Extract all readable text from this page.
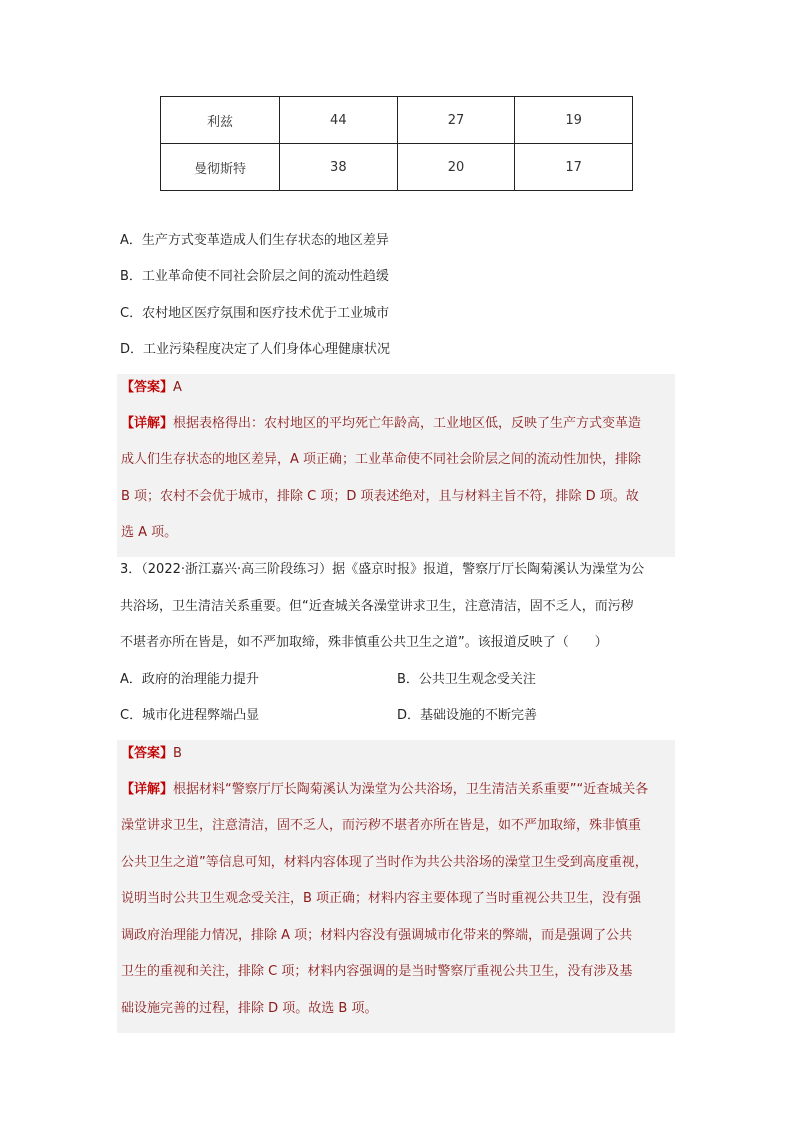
利兹	44	27	19
曼彻斯特	38	20	17
A．生产方式变革造成人们生存状态的地区差异
B．工业革命使不同社会阶层之间的流动性趋缓
C．农村地区医疗氛围和医疗技术优于工业城市
D．工业污染程度决定了人们身体心理健康状况
【答案】A
【详解】根据表格得出：农村地区的平均死亡年龄高，工业地区低，反映了生产方式变革造
成人们生存状态的地区差异，A 项正确；工业革命使不同社会阶层之间的流动性加快，排除
B 项；农村不会优于城市，排除 C 项；D 项表述绝对，且与材料主旨不符，排除 D 项。故
选 A 项。
3．（2022·浙江嘉兴·高三阶段练习）据《盛京时报》报道，警察厅厅长陶菊溪认为澡堂为公
共浴场，卫生清洁关系重要。但“近查城关各澡堂讲求卫生，注意清洁，固不乏人，而污秽
不堪者亦所在皆是，如不严加取缔，殊非慎重公共卫生之道”。该报道反映了（　　）
A．政府的治理能力提升	B．公共卫生观念受关注
C．城市化进程弊端凸显	D．基础设施的不断完善
【答案】B
【详解】根据材料“警察厅厅长陶菊溪认为澡堂为公共浴场，卫生清洁关系重要”“近查城关各
澡堂讲求卫生，注意清洁，固不乏人，而污秽不堪者亦所在皆是，如不严加取缔，殊非慎重
公共卫生之道”等信息可知，材料内容体现了当时作为共公共浴场的澡堂卫生受到高度重视，
说明当时公共卫生观念受关注，B 项正确；材料内容主要体现了当时重视公共卫生，没有强
调政府治理能力情况，排除 A 项；材料内容没有强调城市化带来的弊端，而是强调了公共
卫生的重视和关注，排除 C 项；材料内容强调的是当时警察厅重视公共卫生，没有涉及基
础设施完善的过程，排除 D 项。故选 B 项。
